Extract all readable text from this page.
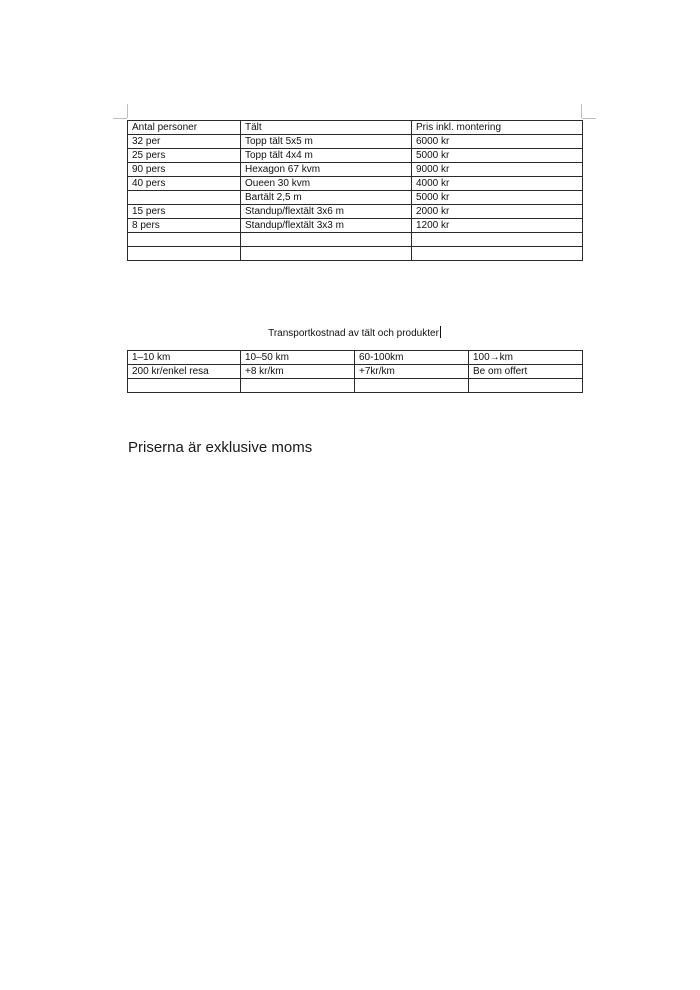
Antal personer	Tält	Pris inkl. montering
32 per	Topp tält 5x5 m	6000 kr
25 pers	Topp tält 4x4 m	5000 kr
90 pers	Hexagon 67 kvm	9000 kr
40 pers	Oueen 30 kvm	4000 kr
	Bartält 2,5 m	5000 kr
15 pers	Standup/flextält 3x6 m	2000 kr
8 pers	Standup/flextält 3x3 m	1200 kr

Transportkostnad av tält och produkter
1–10 km	10–50 km	60-100km	100→km
200 kr/enkel resa	+8 kr/km	+7kr/km	Be om offert

Priserna är exklusive moms
